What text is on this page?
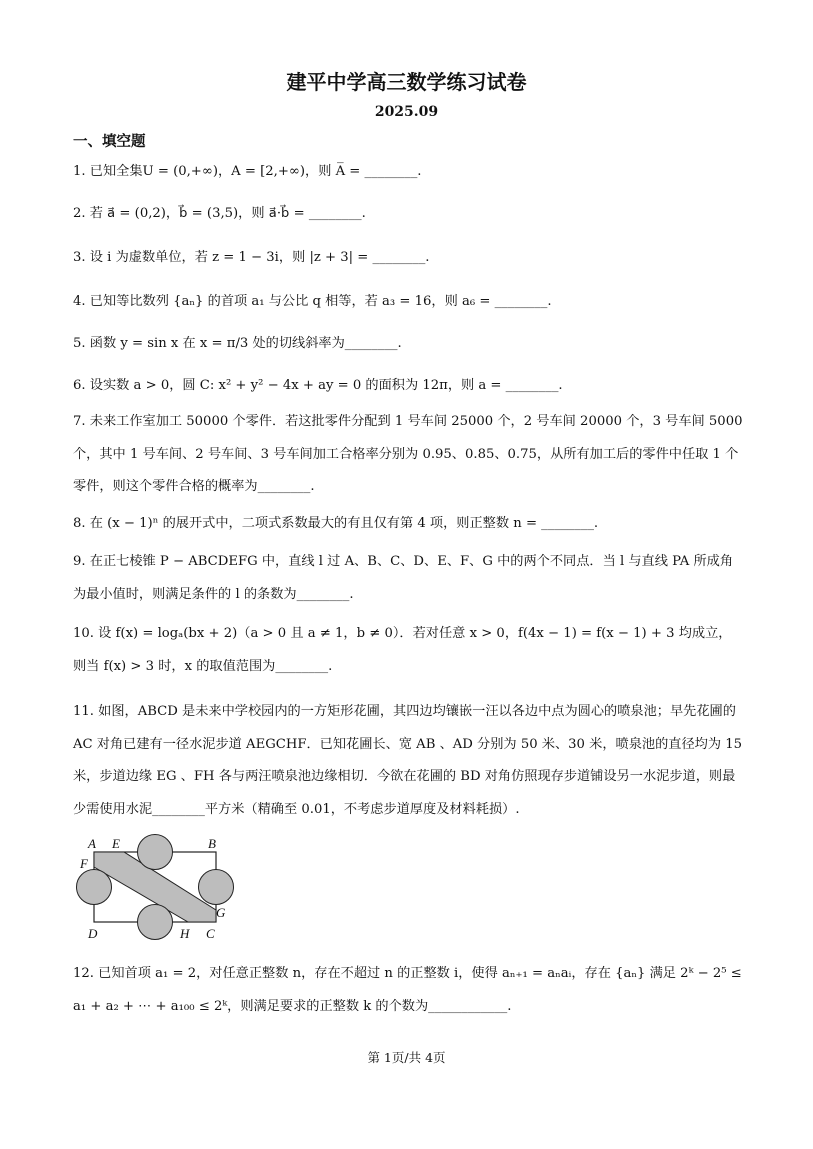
建平中学高三数学练习试卷
2025.09
一、填空题
1. 已知全集U = (0,+∞)，A = [2,+∞)，则 A̅ = ________.
2. 若 a⃗ = (0,2)，b⃗ = (3,5)，则 a⃗·b⃗ = ________.
3. 设 i 为虚数单位，若 z = 1 − 3i，则 |z + 3| = ________.
4. 已知等比数列 {aₙ} 的首项 a₁ 与公比 q 相等，若 a₃ = 16，则 a₆ = ________.
5. 函数 y = sin x 在 x = π/3 处的切线斜率为________.
6. 设实数 a > 0，圆 C: x² + y² − 4x + ay = 0 的面积为 12π，则 a = ________.
7. 未来工作室加工 50000 个零件．若这批零件分配到 1 号车间 25000 个，2 号车间 20000 个，3 号车间 5000 个，其中 1 号车间、2 号车间、3 号车间加工合格率分别为 0.95、0.85、0.75，从所有加工后的零件中任取 1 个零件，则这个零件合格的概率为________.
8. 在 (x − 1)ⁿ 的展开式中，二项式系数最大的有且仅有第 4 项，则正整数 n = ________.
9. 在正七棱锥 P − ABCDEFG 中，直线 l 过 A、B、C、D、E、F、G 中的两个不同点．当 l 与直线 PA 所成角为最小值时，则满足条件的 l 的条数为________.
10. 设 f(x) = logₐ(bx + 2)（a > 0 且 a ≠ 1，b ≠ 0）．若对任意 x > 0，f(4x − 1) = f(x − 1) + 3 均成立，则当 f(x) > 3 时，x 的取值范围为________.
11. 如图，ABCD 是未来中学校园内的一方矩形花圃，其四边均镶嵌一汪以各边中点为圆心的喷泉池；早先花圃的 AC 对角已建有一径水泥步道 AEGCHF．已知花圃长、宽 AB 、AD 分别为 50 米、30 米，喷泉池的直径均为 15 米，步道边缘 EG 、FH 各与两汪喷泉池边缘相切．今欲在花圃的 BD 对角仿照现存步道铺设另一水泥步道，则最少需使用水泥________平方米（精确至 0.01，不考虑步道厚度及材料耗损）.
A E	B
F
G
D	H C
12. 已知首项 a₁ = 2，对任意正整数 n，存在不超过 n 的正整数 i，使得 aₙ₊₁ = aₙaᵢ，存在 {aₙ} 满足 2ᵏ − 2⁵ ≤ a₁ + a₂ + ⋯ + a₁₀₀ ≤ 2ᵏ，则满足要求的正整数 k 的个数为____________.
第 1页/共 4页
